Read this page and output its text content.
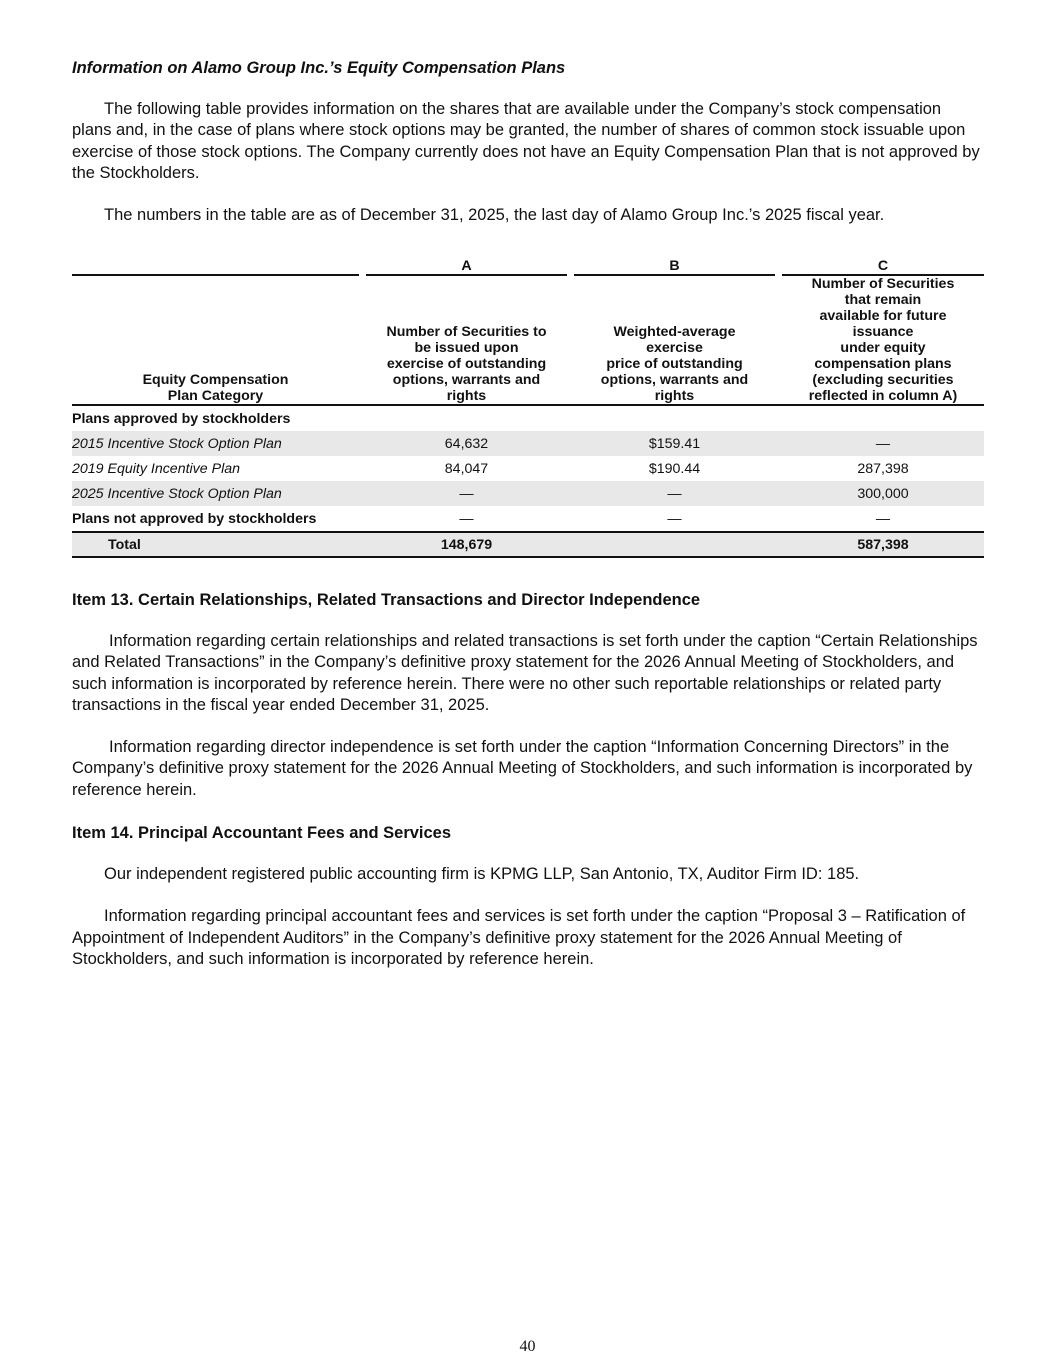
Information on Alamo Group Inc.’s Equity Compensation Plans

The following table provides information on the shares that are available under the Company’s stock compensation plans and, in the case of plans where stock options may be granted, the number of shares of common stock issuable upon exercise of those stock options. The Company currently does not have an Equity Compensation Plan that is not approved by the Stockholders.

The numbers in the table are as of December 31, 2025, the last day of Alamo Group Inc.’s 2025 fiscal year.

		A		B		C

Equity Compensation
Plan Category

Number of Securities to
be issued upon
exercise of outstanding
options, warrants and
rights

Weighted-average
exercise
price of outstanding
options, warrants and
rights

Number of Securities
that remain
available for future
issuance
under equity
compensation plans
(excluding securities
reflected in column A)

Plans approved by stockholders						
2015 Incentive Stock Option Plan		64,632		$159.41		—
2019 Equity Incentive Plan		84,047		$190.44		287,398
2025 Incentive Stock Option Plan		—		—		300,000
Plans not approved by stockholders		—		—		—
Total		148,679				587,398
Item 13. Certain Relationships, Related Transactions and Director Independence

Information regarding certain relationships and related transactions is set forth under the caption “Certain Relationships and Related Transactions” in the Company’s definitive proxy statement for the 2026 Annual Meeting of Stockholders, and such information is incorporated by reference herein. There were no other such reportable relationships or related party transactions in the fiscal year ended December 31, 2025.

Information regarding director independence is set forth under the caption “Information Concerning Directors” in the Company’s definitive proxy statement for the 2026 Annual Meeting of Stockholders, and such information is incorporated by reference herein.

Item 14. Principal Accountant Fees and Services

Our independent registered public accounting firm is KPMG LLP, San Antonio, TX, Auditor Firm ID: 185.

Information regarding principal accountant fees and services is set forth under the caption “Proposal 3 – Ratification of Appointment of Independent Auditors” in the Company’s definitive proxy statement for the 2026 Annual Meeting of Stockholders, and such information is incorporated by reference herein.

40
